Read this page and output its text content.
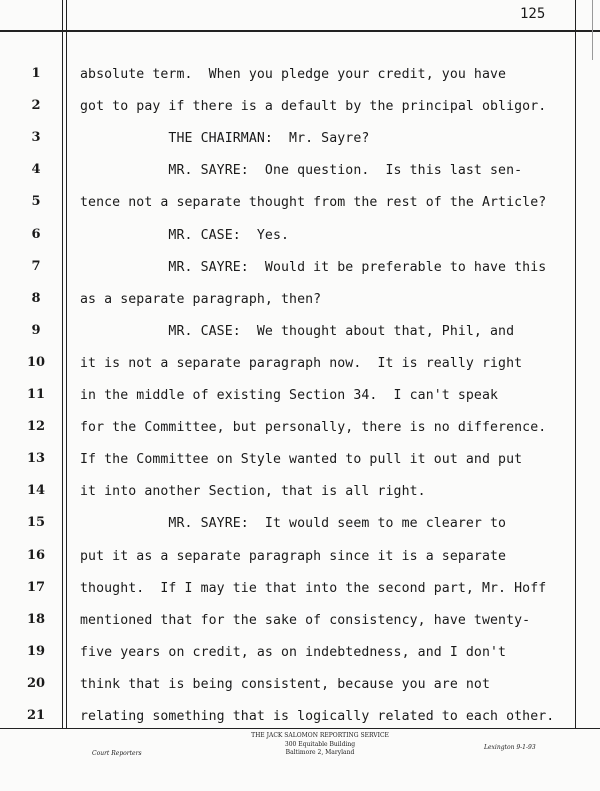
125
1	absolute term.  When you pledge your credit, you have
2	got to pay if there is a default by the principal obligor.
3	THE CHAIRMAN:  Mr. Sayre?
4	MR. SAYRE:  One question.  Is this last sen-
5	tence not a separate thought from the rest of the Article?
6	MR. CASE:  Yes.
7	MR. SAYRE:  Would it be preferable to have this
8	as a separate paragraph, then?
9	MR. CASE:  We thought about that, Phil, and
10	it is not a separate paragraph now.  It is really right
11	in the middle of existing Section 34.  I can't speak
12	for the Committee, but personally, there is no difference.
13	If the Committee on Style wanted to pull it out and put
14	it into another Section, that is all right.
15	MR. SAYRE:  It would seem to me clearer to
16	put it as a separate paragraph since it is a separate
17	thought.  If I may tie that into the second part, Mr. Hoff
18	mentioned that for the sake of consistency, have twenty-
19	five years on credit, as on indebtedness, and I don't
20	think that is being consistent, because you are not
21	relating something that is logically related to each other.
THE JACK SALOMON REPORTING SERVICE
300 Equitable Building
Baltimore 2, Maryland
Court Reporters
Lexington 9-1-93
